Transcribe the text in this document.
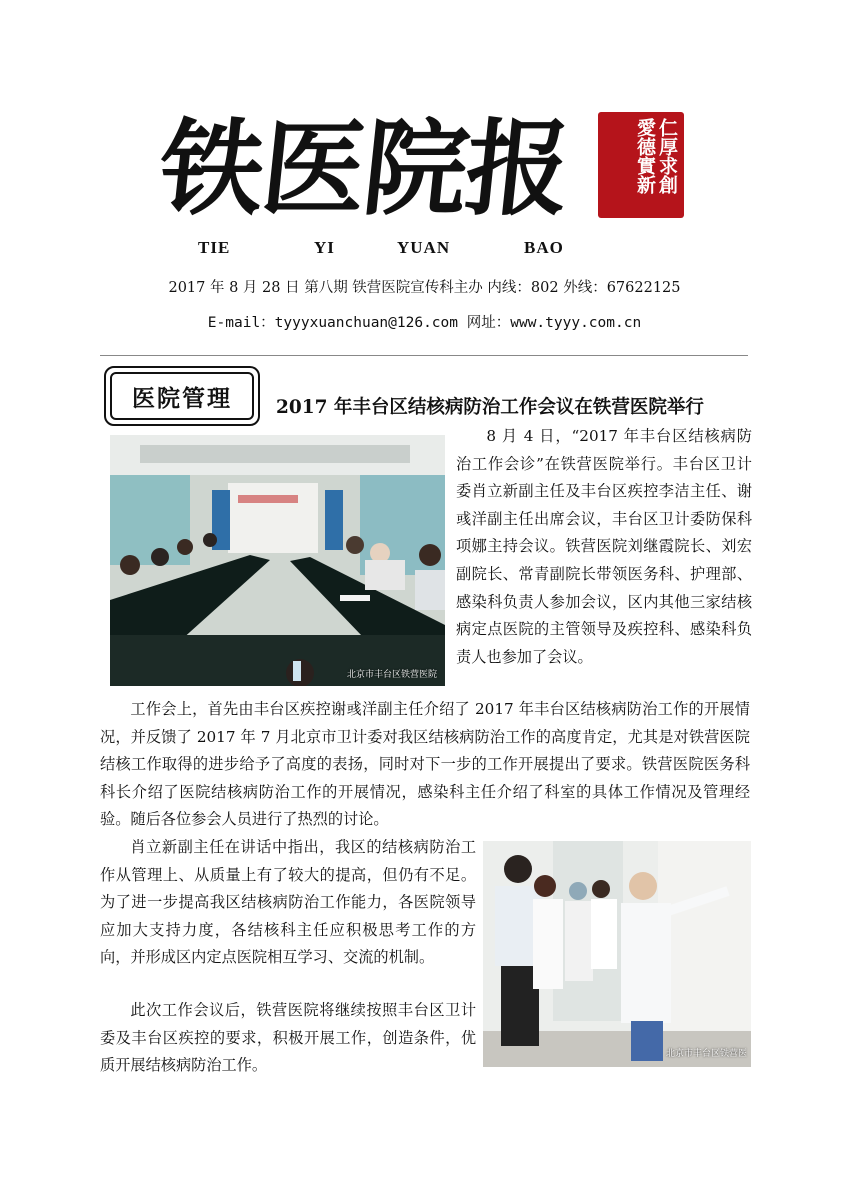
铁医院报	仁厚求創 愛德實新
TIE	YI	YUAN	BAO
2017 年 8 月 28 日 第八期 铁营医院宣传科主办 内线：802 外线：67622125
E-mail：tyyyxuanchuan@126.com 网址：www.tyyy.com.cn
医院管理	2017 年丰台区结核病防治工作会议在铁营医院举行
北京市丰台区铁营医院
8 月 4 日，“2017 年丰台区结核病防治工作会诊”在铁营医院举行。丰台区卫计委肖立新副主任及丰台区疾控李洁主任、谢彧洋副主任出席会议，丰台区卫计委防保科项娜主持会议。铁营医院刘继霞院长、刘宏副院长、常青副院长带领医务科、护理部、感染科负责人参加会议，区内其他三家结核病定点医院的主管领导及疾控科、感染科负责人也参加了会议。
工作会上，首先由丰台区疾控谢彧洋副主任介绍了 2017 年丰台区结核病防治工作的开展情况，并反馈了 2017 年 7 月北京市卫计委对我区结核病防治工作的高度肯定，尤其是对铁营医院结核工作取得的进步给予了高度的表扬，同时对下一步的工作开展提出了要求。铁营医院医务科科长介绍了医院结核病防治工作的开展情况，感染科主任介绍了科室的具体工作情况及管理经验。随后各位参会人员进行了热烈的讨论。
肖立新副主任在讲话中指出，我区的结核病防治工作从管理上、从质量上有了较大的提高，但仍有不足。为了进一步提高我区结核病防治工作能力，各医院领导应加大支持力度，各结核科主任应积极思考工作的方向，并形成区内定点医院相互学习、交流的机制。
此次工作会议后，铁营医院将继续按照丰台区卫计委及丰台区疾控的要求，积极开展工作，创造条件，优质开展结核病防治工作。
北京市丰台区铁营医
